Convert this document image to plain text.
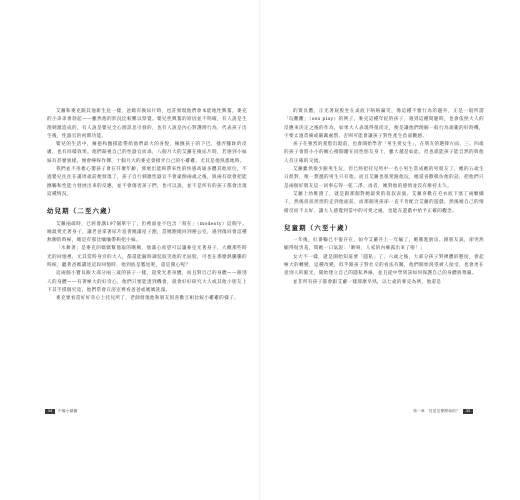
艾蘿和麥克跟其他新生兒一樣，爸媽有換尿片時，也許發現他們會本能地性興奮，麥克的小弟弟會勃起——雖然他的狀況比較難以察覺。嬰兒性興奮的原因並不明確，有人說是生理刺激造成的，有人說是嬰兒全心理訊息引發的，也有人說是內心對護理行為，代表孩子出生後，性器官的初期功能。

嬰兒的生活中，擁抱和撫摸能帶給他們最大的喜悅，擁撫孩子的下巴，搔弄腳趾的皮膚，也有同樣效果。他們凝視自己的性器官而乖，八個月大的艾蘿在換尿片時，若感到小妹妹有甚麼異樣，便會嚀呀作聲，十個月大的麥克會撥弄自己的小雞雞，尤其是他熟悉地時。

我們並不用擔心嬰孩子會在仟麼年齡，發展出能夠帶來性的快感高通多體其他原位，不過嬰兒往往在滿周歲前便發現了，孩子自行刺激性器官不會違倒兩歲之後，與兩有欲會把能撫觸和性能力發展出來的反應，並不會傷害孩子們，也可以說，並不是所有的孩子都會出現這種情況。

幼兒期（二至六歲）

艾蘿兩歲時，已經會講197個單字了，但裡面並不包含「寫在」（modesty）這個字。她最愛光著身子，讓老爸拿著尿片追著她滿屋子跑，當她跑繞回到辦公室，遇到傷同會這種無聊的時候，總是有那比嚷嚷帶夠把小妹。

「水舞著」是麥克的媽媽幫他取的暱稱，他滿心希望可以讓麥克光著身子，大概那些時光的回憶裡，尤其當時身旁的大人，都還能隨時調侃取笑他的光屁股，可也在那麼熱騰騰的時候，聽著爸媽講述這段回憶時，他到底是尷尬呢，還是開心呢？

這兩個小寶貝跟大部分兩三歲的孩子一樣，超愛光著身體，而且對自己的身體——跟別人的身體——有著極大的好奇心，他們只要能逮到機會，就會好好研究大人或其他小朋友上下其手摸個究竟，他們常會在浴室裡看爸爸或媽媽洗澡。

麥克要看當好好奇心上托兒所了，老師發現他和朋友很喜歡互相比較小雞雞的樣子。

的實具體，正光著屁股坐在桌底下咯咯竊笑，像這種不雅行為的題外，正是一般所謂「玩觀觀」（sex play）的例子。麥克這種年紀的孩子，遇到這種問題時，也會依照大人的反應來決定之後的作為，如果大人表現得很淡定，便是讓他們理解一般行為規範的好時機，不要太過責備或嚴厲處罰，否則可能會讓孩子對性產生負面觀感。

孩子在強烈的愛慾出現前，也會開始學習「男生愛女生」，在朋友的選擇方面，三、四歲的孩子會將小小的橄心撥開蹤在同性朋友身上，雖大越是如此，但也就能孩子能自然的與他人有正確的交流。

艾蘿雖然很少跟男生玩，但已經把托兒所中一名小男生當成她的男朋友了，她的五歲生日派對，唯一想邀的男生只有他。而且艾蘿也很愛跟他玩，她還喜歡模仿他的話，把他們只是兩個好朋友這一回事忘得一乾二淨，再者，她對他的感情並沒有維持太久。

艾蘿上幼稚園了，就是跟那個對她最愛的叔叔表演，艾蘿喜歡在毛衣底下塞了兩顆橘子，然後扭扭捏捏的走到他面前，而那個男孩卻一直不肯配合艾蘿的遊戲，然後她自己的情緒反而不太好，讓大人感覺到當中的可愛之處，也能在遊戲中給予正確的觀念。

兒童期（六至十歲）

一年後，紅番鞠已不復存在，如今艾蘿升上一年級了，她衝進廚房，跟朋友說，卻突然顯得很害羞，問她一口氣說：「喲呀，人家的內褲露出來了啦！」

女大不一樣，就是開始知道要「隱私」了，六歲之後，大部分孩子對裸體的態度，會起極大的轉變，這種改變，似乎跟孩子對社交的看法有關，他們開始渴望被人接受，也會更在意別人的眼光，開始建立自己的隱私界線，並且從中學到該如何保護自己的身體與尊嚴。

並非所有孩子都會跟艾蘿一樣那麼早熟，以七歲的麥克為例，他還是

34	中場小劇團	第一章　性是怎麼開始的？	35
